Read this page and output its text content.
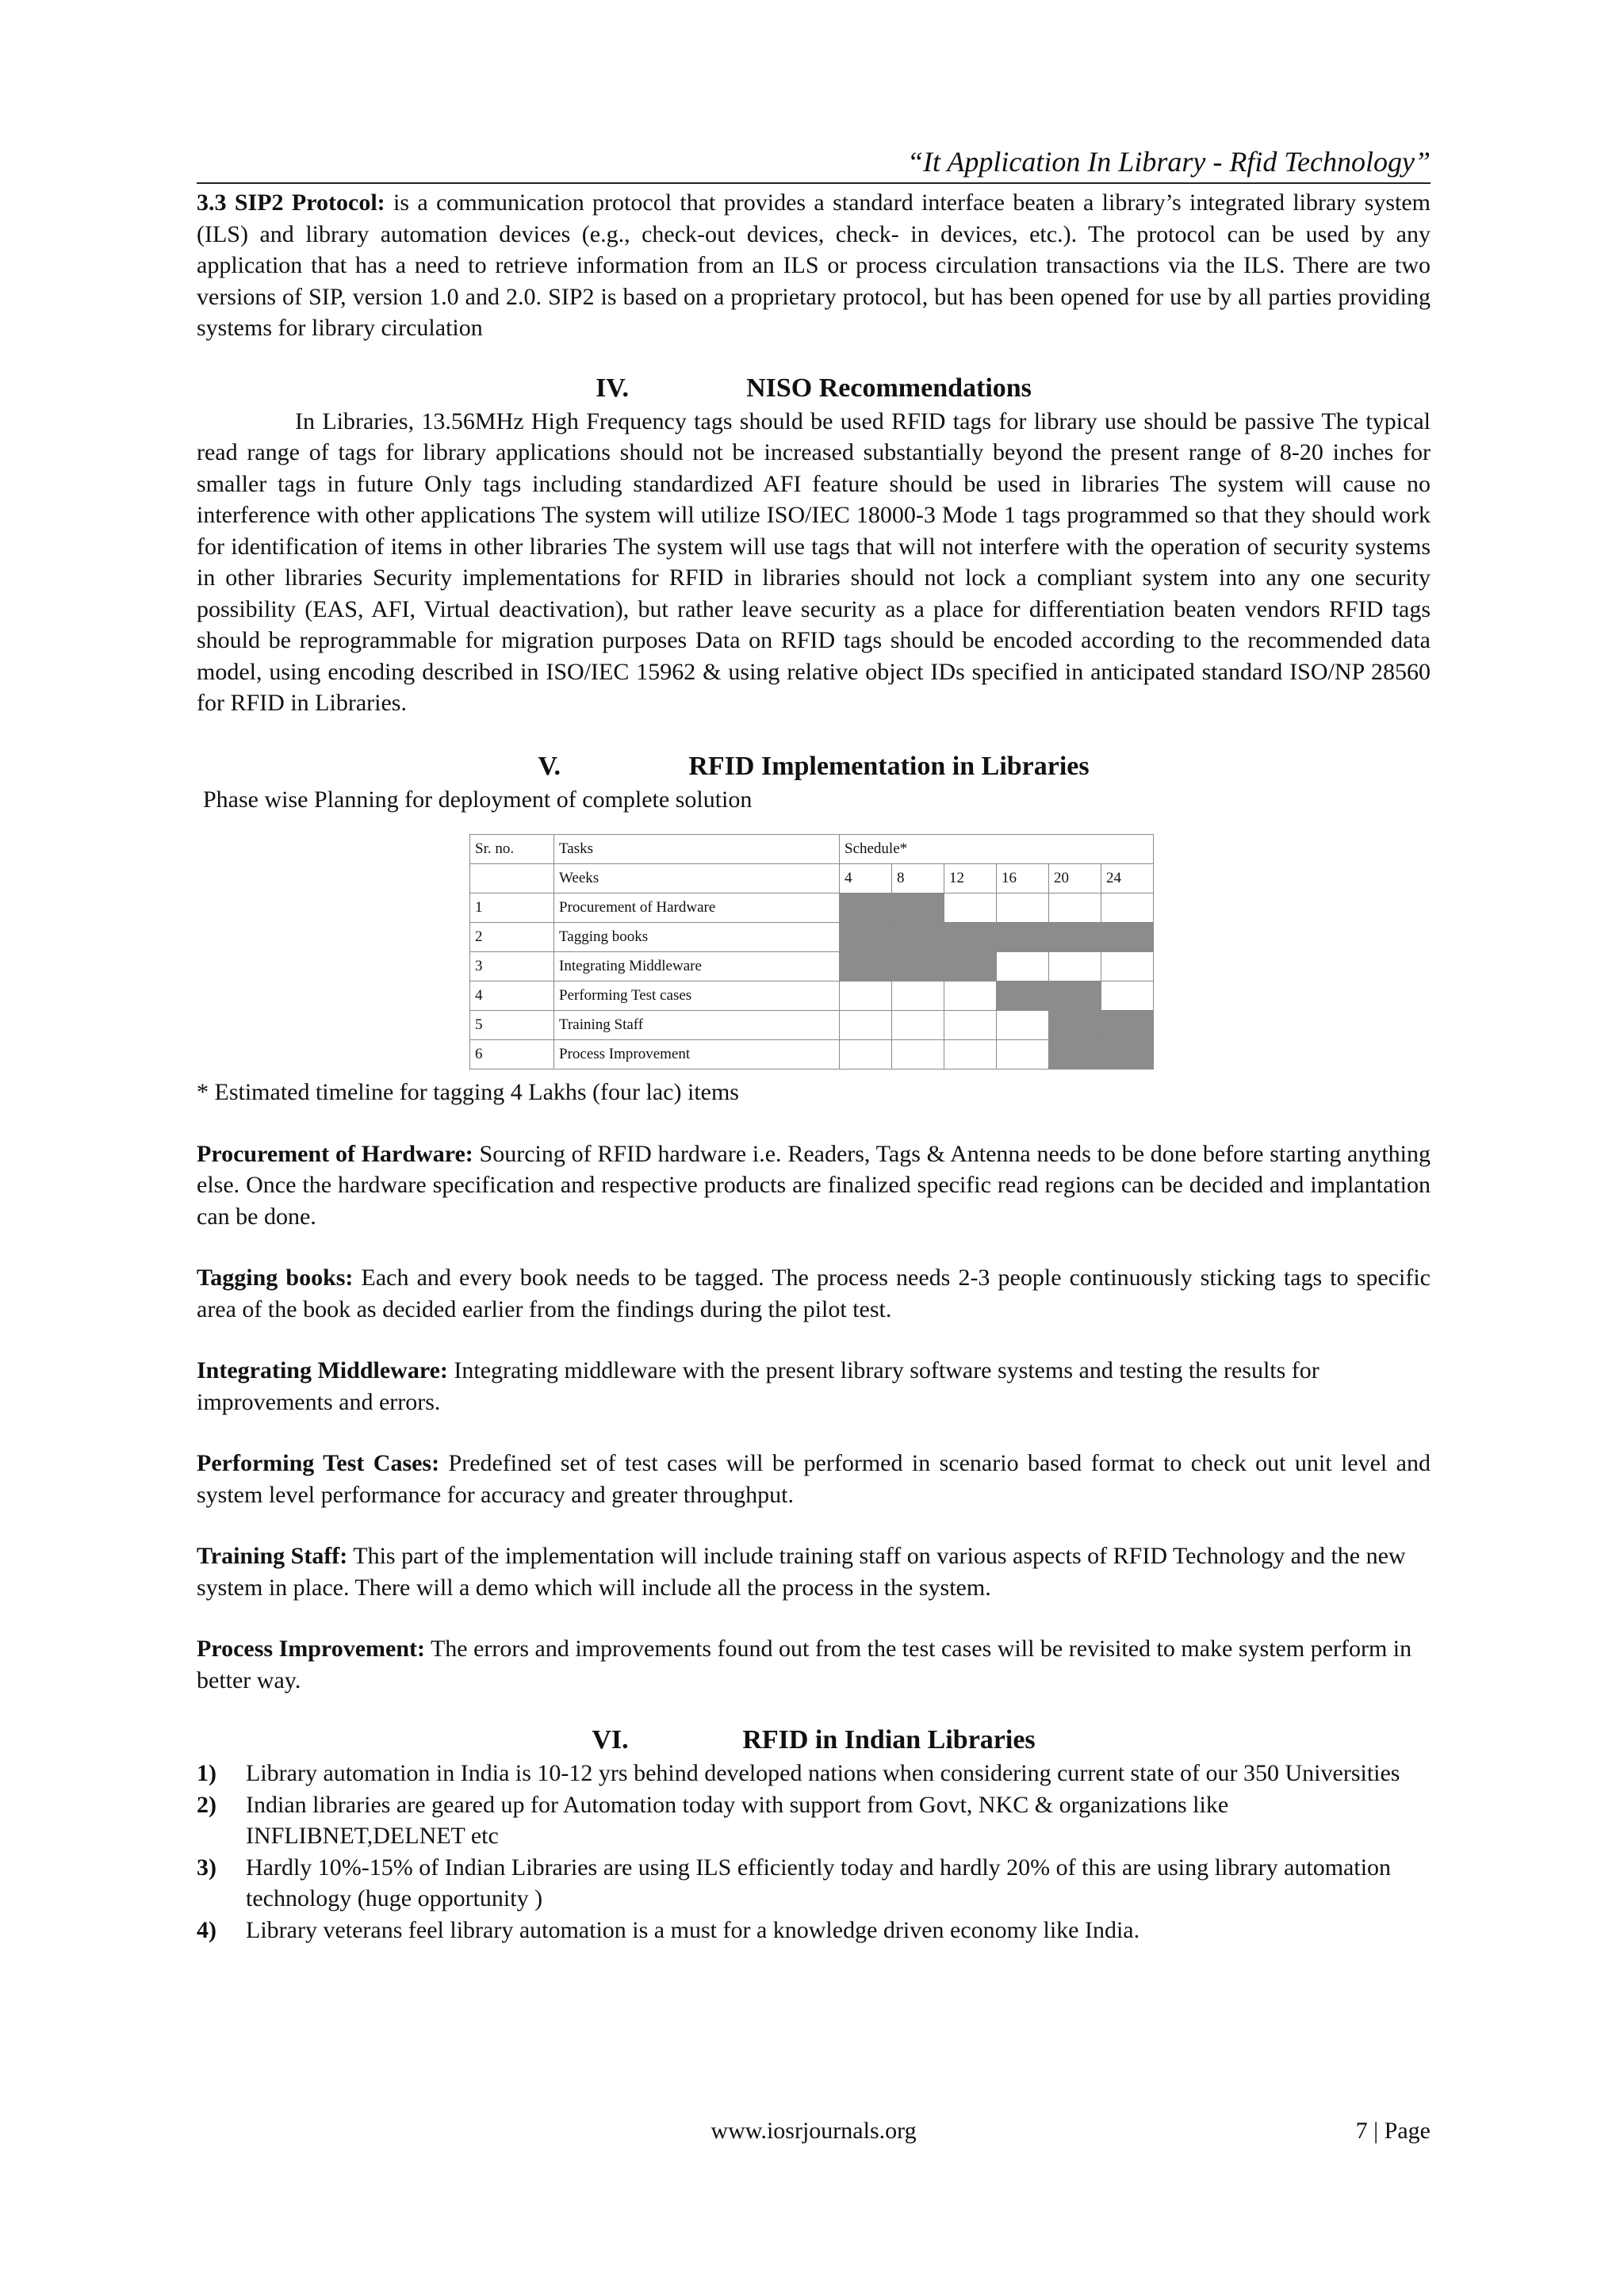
“It Application In Library - Rfid Technology”

3.3 SIP2 Protocol: is a communication protocol that provides a standard interface beaten a library’s integrated library system (ILS) and library automation devices (e.g., check-out devices, check- in devices, etc.). The protocol can be used by any application that has a need to retrieve information from an ILS or process circulation transactions via the ILS. There are two versions of SIP, version 1.0 and 2.0. SIP2 is based on a proprietary protocol, but has been opened for use by all parties providing systems for library circulation

IV.	NISO Recommendations

In Libraries, 13.56MHz High Frequency tags should be used RFID tags for library use should be passive The typical read range of tags for library applications should not be increased substantially beyond the present range of 8-20 inches for smaller tags in future Only tags including standardized AFI feature should be used in libraries The system will cause no interference with other applications The system will utilize ISO/IEC 18000-3 Mode 1 tags programmed so that they should work for identification of items in other libraries The system will use tags that will not interfere with the operation of security systems in other libraries Security implementations for RFID in libraries should not lock a compliant system into any one security possibility (EAS, AFI, Virtual deactivation), but rather leave security as a place for differentiation beaten vendors RFID tags should be reprogrammable for migration purposes Data on RFID tags should be encoded according to the recommended data model, using encoding described in ISO/IEC 15962 & using relative object IDs specified in anticipated standard ISO/NP 28560 for RFID in Libraries.

V.	RFID Implementation in Libraries

Phase wise Planning for deployment of complete solution

Sr. no.	Tasks	Schedule*					
	Weeks	4	8	12	16	20	24
1	Procurement of Hardware						
2	Tagging books						
3	Integrating Middleware						
4	Performing Test cases						
5	Training Staff						
6	Process Improvement						

* Estimated timeline for tagging 4 Lakhs (four lac) items

Procurement of Hardware: Sourcing of RFID hardware i.e. Readers, Tags & Antenna needs to be done before starting anything else. Once the hardware specification and respective products are finalized specific read regions can be decided and implantation can be done.

Tagging books: Each and every book needs to be tagged. The process needs 2-3 people continuously sticking tags to specific area of the book as decided earlier from the findings during the pilot test.

Integrating Middleware: Integrating middleware with the present library software systems and testing the results for improvements and errors.

Performing Test Cases: Predefined set of test cases will be performed in scenario based format to check out unit level and system level performance for accuracy and greater throughput.

Training Staff: This part of the implementation will include training staff on various aspects of RFID Technology and the new system in place. There will a demo which will include all the process in the system.

Process Improvement: The errors and improvements found out from the test cases will be revisited to make system perform in better way.

VI.	RFID in Indian Libraries
1) Library automation in India is 10-12 yrs behind developed nations when considering current state of our 350 Universities
2) Indian libraries are geared up for Automation today with support from Govt, NKC & organizations like INFLIBNET,DELNET etc
3) Hardly 10%-15% of Indian Libraries are using ILS efficiently today and hardly 20% of this are using library automation technology (huge opportunity )
4) Library veterans feel library automation is a must for a knowledge driven economy like India.
www.iosrjournals.org	7 | Page
